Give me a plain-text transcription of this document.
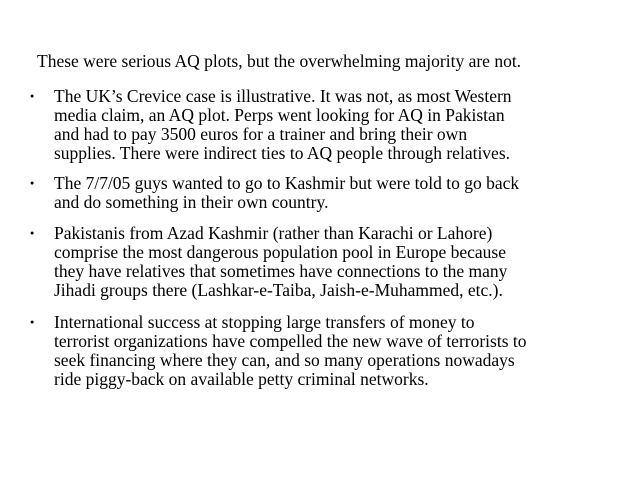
These were serious AQ plots, but the overwhelming majority are not.
●	The UK’s Crevice case is illustrative. It was not, as most Western
media claim, an AQ plot. Perps went looking for AQ in Pakistan
and had to pay 3500 euros for a trainer and bring their own
supplies. There were indirect ties to AQ people through relatives.
●	The 7/7/05 guys wanted to go to Kashmir but were told to go back
and do something in their own country.
●	Pakistanis from Azad Kashmir (rather than Karachi or Lahore)
comprise the most dangerous population pool in Europe because
they have relatives that sometimes have connections to the many
Jihadi groups there (Lashkar-e-Taiba, Jaish-e-Muhammed, etc.).
●	International success at stopping large transfers of money to
terrorist organizations have compelled the new wave of terrorists to
seek financing where they can, and so many operations nowadays
ride piggy-back on available petty criminal networks.
